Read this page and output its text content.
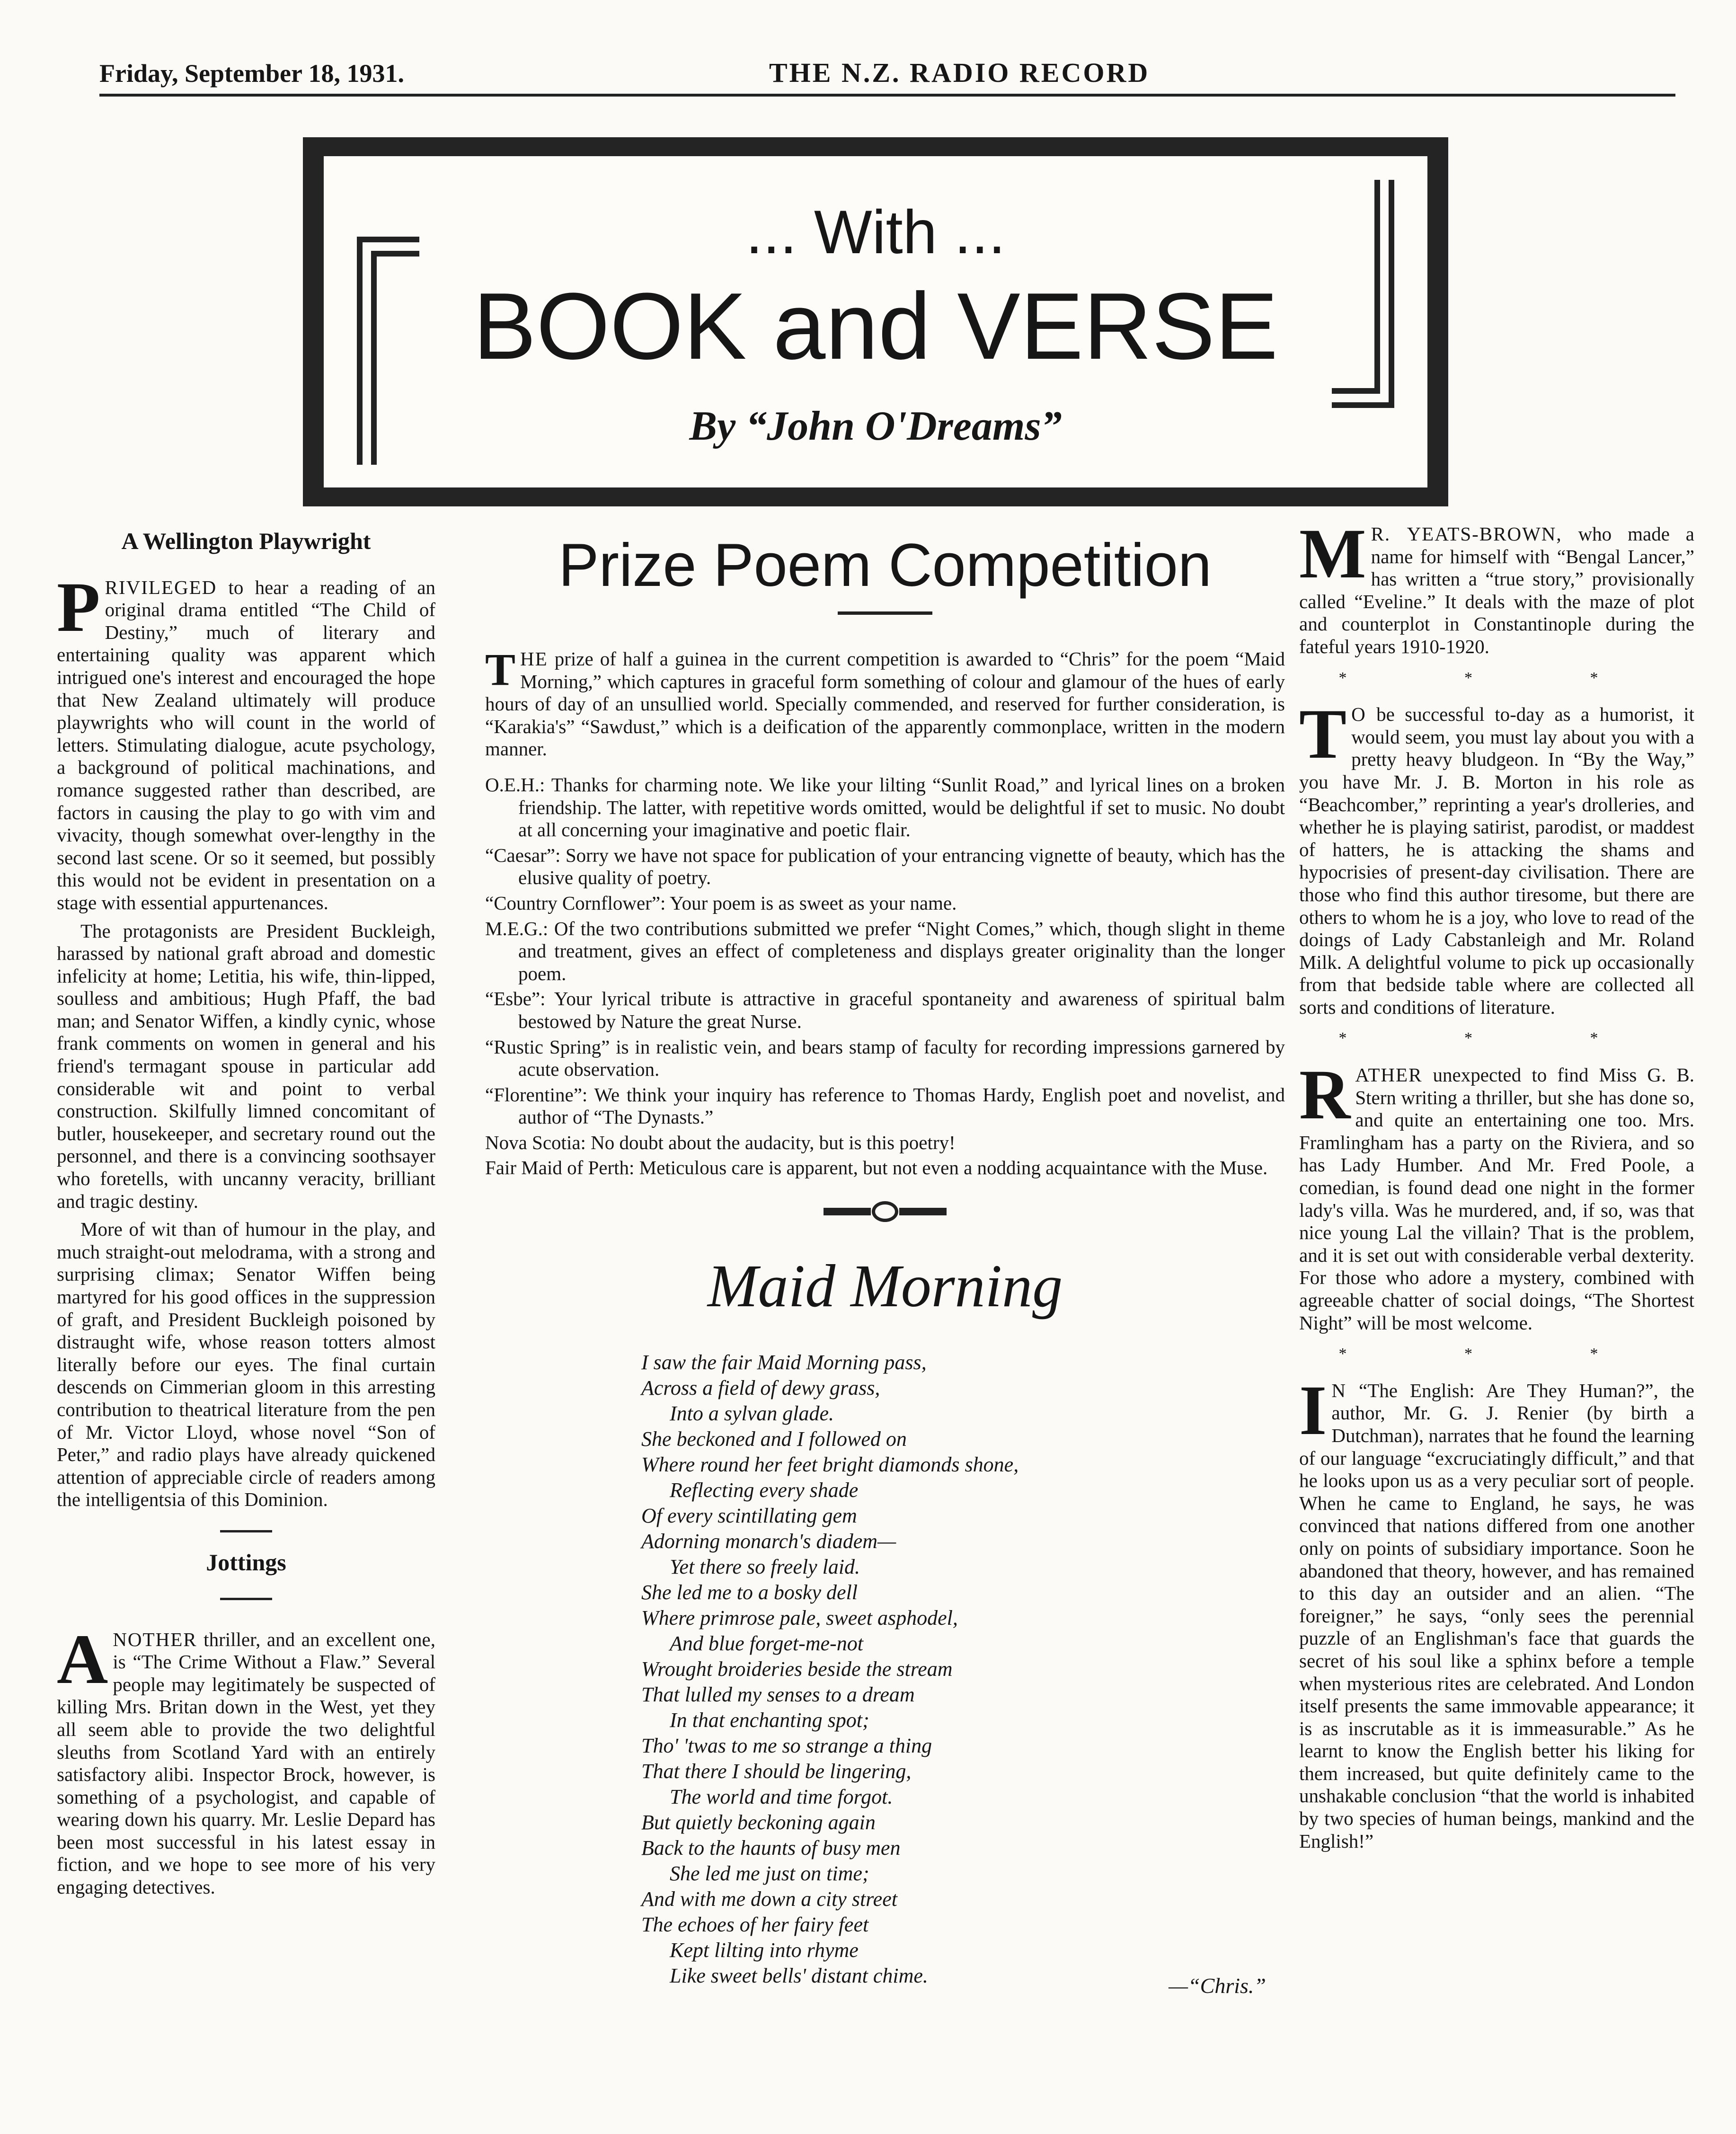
Friday, September 18, 1931.	THE N.Z. RADIO RECORD
... With ...
BOOK and VERSE
By “John O'Dreams”
A Wellington Playwright

PRIVILEGED to hear a reading of an original drama entitled “The Child of Destiny,” much of literary and entertaining quality was apparent which intrigued one's interest and encouraged the hope that New Zealand ultimately will produce playwrights who will count in the world of letters. Stimulating dialogue, acute psychology, a background of political machinations, and romance suggested rather than described, are factors in causing the play to go with vim and vivacity, though somewhat over-lengthy in the second last scene. Or so it seemed, but possibly this would not be evident in presentation on a stage with essential appurtenances.

The protagonists are President Buckleigh, harassed by national graft abroad and domestic infelicity at home; Letitia, his wife, thin-lipped, soulless and ambitious; Hugh Pfaff, the bad man; and Senator Wiffen, a kindly cynic, whose frank comments on women in general and his friend's termagant spouse in particular add considerable wit and point to verbal construction. Skilfully limned concomitant of butler, housekeeper, and secretary round out the personnel, and there is a convincing soothsayer who foretells, with uncanny veracity, brilliant and tragic destiny.

More of wit than of humour in the play, and much straight-out melodrama, with a strong and surprising climax; Senator Wiffen being martyred for his good offices in the suppression of graft, and President Buckleigh poisoned by distraught wife, whose reason totters almost literally before our eyes. The final curtain descends on Cimmerian gloom in this arresting contribution to theatrical literature from the pen of Mr. Victor Lloyd, whose novel “Son of Peter,” and radio plays have already quickened attention of appreciable circle of readers among the intelligentsia of this Dominion.

Jottings

ANOTHER thriller, and an excellent one, is “The Crime Without a Flaw.” Several people may legitimately be suspected of killing Mrs. Britan down in the West, yet they all seem able to provide the two delightful sleuths from Scotland Yard with an entirely satisfactory alibi. Inspector Brock, however, is something of a psychologist, and capable of wearing down his quarry. Mr. Leslie Depard has been most successful in his latest essay in fiction, and we hope to see more of his very engaging detectives.

Prize Poem Competition

THE prize of half a guinea in the current competition is awarded to “Chris” for the poem “Maid Morning,” which captures in graceful form something of colour and glamour of the hues of early hours of day of an unsullied world. Specially commended, and reserved for further consideration, is “Karakia's” “Sawdust,” which is a deification of the apparently commonplace, written in the modern manner.

O.E.H.: Thanks for charming note. We like your lilting “Sunlit Road,” and lyrical lines on a broken friendship. The latter, with repetitive words omitted, would be delightful if set to music. No doubt at all concerning your imaginative and poetic flair.
“Caesar”: Sorry we have not space for publication of your entrancing vignette of beauty, which has the elusive quality of poetry.
“Country Cornflower”: Your poem is as sweet as your name.
M.E.G.: Of the two contributions submitted we prefer “Night Comes,” which, though slight in theme and treatment, gives an effect of completeness and displays greater originality than the longer poem.
“Esbe”: Your lyrical tribute is attractive in graceful spontaneity and awareness of spiritual balm bestowed by Nature the great Nurse.
“Rustic Spring” is in realistic vein, and bears stamp of faculty for recording impressions garnered by acute observation.
“Florentine”: We think your inquiry has reference to Thomas Hardy, English poet and novelist, and author of “The Dynasts.”
Nova Scotia: No doubt about the audacity, but is this poetry!
Fair Maid of Perth: Meticulous care is apparent, but not even a nodding acquaintance with the Muse.
Maid Morning
I saw the fair Maid Morning pass,
Across a field of dewy grass,
Into a sylvan glade.
She beckoned and I followed on
Where round her feet bright diamonds shone,
Reflecting every shade
Of every scintillating gem
Adorning monarch's diadem—
Yet there so freely laid.
She led me to a bosky dell
Where primrose pale, sweet asphodel,
And blue forget-me-not
Wrought broideries beside the stream
That lulled my senses to a dream
In that enchanting spot;
Tho' 'twas to me so strange a thing
That there I should be lingering,
The world and time forgot.
But quietly beckoning again
Back to the haunts of busy men
She led me just on time;
And with me down a city street
The echoes of her fairy feet
Kept lilting into rhyme
Like sweet bells' distant chime.	—“Chris.”

M R. YEATS-BROWN, who made a name for himself with “Bengal Lancer,” has written a “true story,” provisionally called “Eveline.” It deals with the maze of plot and counterplot in Constantinople during the fateful years 1910-1920.

* * *

T O be successful to-day as a humorist, it would seem, you must lay about you with a pretty heavy bludgeon. In “By the Way,” you have Mr. J. B. Morton in his role as “Beachcomber,” reprinting a year's drolleries, and whether he is playing satirist, parodist, or maddest of hatters, he is attacking the shams and hypocrisies of present-day civilisation. There are those who find this author tiresome, but there are others to whom he is a joy, who love to read of the doings of Lady Cabstanleigh and Mr. Roland Milk. A delightful volume to pick up occasionally from that bedside table where are collected all sorts and conditions of literature.

* * *

RATHER unexpected to find Miss G. B. Stern writing a thriller, but she has done so, and quite an entertaining one too. Mrs. Framlingham has a party on the Riviera, and so has Lady Humber. And Mr. Fred Poole, a comedian, is found dead one night in the former lady's villa. Was he murdered, and, if so, was that nice young Lal the villain? That is the problem, and it is set out with considerable verbal dexterity. For those who adore a mystery, combined with agreeable chatter of social doings, “The Shortest Night” will be most welcome.

* * *

I N “The English: Are They Human?”, the author, Mr. G. J. Renier (by birth a Dutchman), narrates that he found the learning of our language “excruciatingly difficult,” and that he looks upon us as a very peculiar sort of people. When he came to England, he says, he was convinced that nations differed from one another only on points of subsidiary importance. Soon he abandoned that theory, however, and has remained to this day an outsider and an alien. “The foreigner,” he says, “only sees the perennial puzzle of an Englishman's face that guards the secret of his soul like a sphinx before a temple when mysterious rites are celebrated. And London itself presents the same immovable appearance; it is as inscrutable as it is immeasurable.” As he learnt to know the English better his liking for them increased, but quite definitely came to the unshakable conclusion “that the world is inhabited by two species of human beings, mankind and the English!”
